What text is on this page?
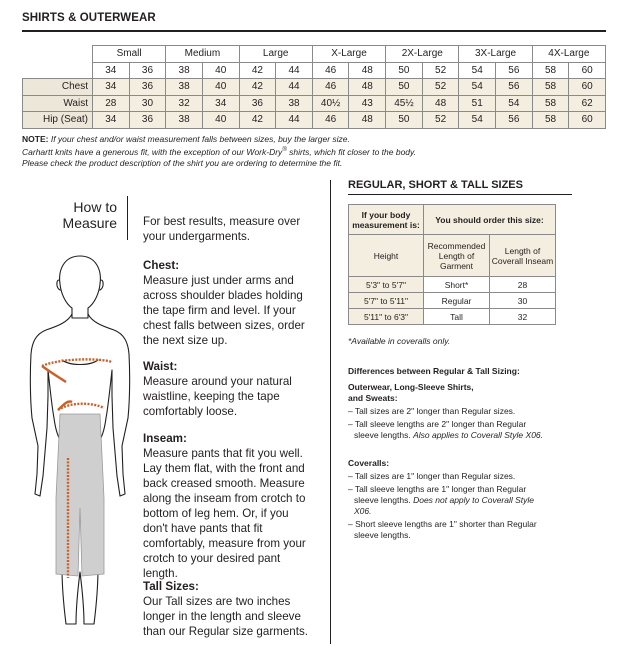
SHIRTS & OUTERWEAR
	Small		Medium		Large		X-Large		2X-Large		3X-Large		4X-Large	
	34	36	38	40	42	44	46	48	50	52	54	56	58	60
Chest	34	36	38	40	42	44	46	48	50	52	54	56	58	60
Waist	28	30	32	34	36	38	40½	43	45½	48	51	54	58	62
Hip (Seat)	34	36	38	40	42	44	46	48	50	52	54	56	58	60
NOTE: If your chest and/or waist measurement falls between sizes, buy the larger size.
Carhartt knits have a generous fit, with the exception of our Work-Dry® shirts, which fit closer to the body.
Please check the product description of the shirt you are ordering to determine the fit.
How to
Measure For best results, measure over your undergarments.
Chest:
Measure just under arms and across shoulder blades holding the tape firm and level. If your chest falls between sizes, order the next size up.
Waist:
Measure around your natural waistline, keeping the tape comfortably loose.
Inseam:
Measure pants that fit you well. Lay them flat, with the front and back creased smooth. Measure along the inseam from crotch to bottom of leg hem. Or, if you don't have pants that fit comfortably, measure from your crotch to your desired pant length.
Tall Sizes:
Our Tall sizes are two inches longer in the length and sleeve than our Regular size garments.
REGULAR, SHORT & TALL SIZES
If your body measurement is:	You should order this size:	
Height	Recommended Length of Garment	Length of Coverall Inseam
5'3" to 5'7"	Short*	28
5'7" to 5'11"	Regular	30
5'11" to 6'3"	Tall	32
*Available in coveralls only.
Differences between Regular & Tall Sizing:
Outerwear, Long-Sleeve Shirts,
and Sweats:
– Tall sizes are 2" longer than Regular sizes.
– Tall sleeve lengths are 2" longer than Regular sleeve lengths. Also applies to Coverall Style X06.
Coveralls:
– Tall sizes are 1" longer than Regular sizes.
– Tall sleeve lengths are 1" longer than Regular sleeve lengths. Does not apply to Coverall Style X06.
– Short sleeve lengths are 1" shorter than Regular sleeve lengths.
